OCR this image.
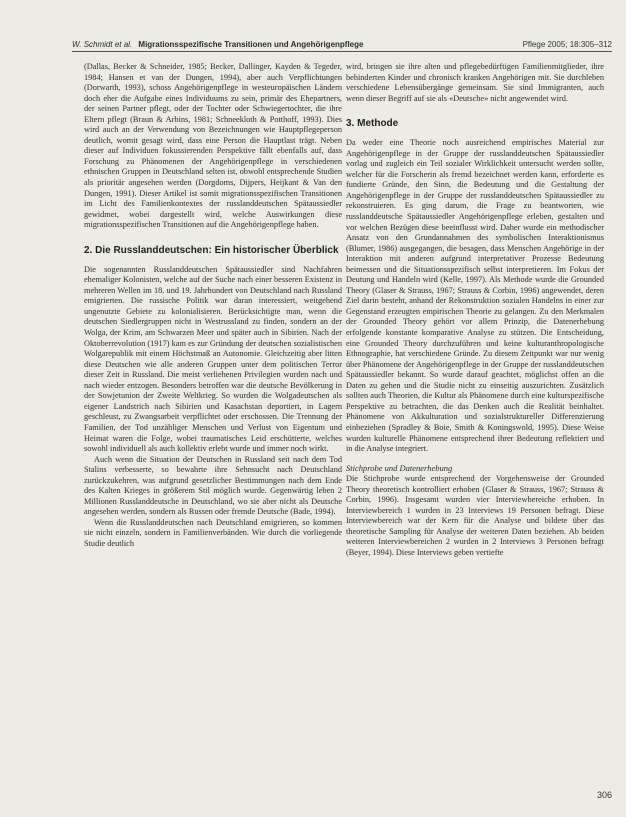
W. Schmidt et al. Migrationsspezifische Transitionen und Angehörigenpflege	Pflege 2005; 18:305–312

(Dallas, Becker & Schneider, 1985; Becker, Dallinger, Kayden & Tegeder, 1984; Hansen et van der Dungen, 1994), aber auch Verpflichtungen (Dorwarth, 1993), schoss Angehörigenpflege in westeuropäischen Ländern doch eher die Aufgabe eines Individuums zu sein, primär des Ehepartners, der seinen Partner pflegt, oder der Tochter oder Schwiegertochter, die ihre Eltern pflegt (Braun & Arbins, 1981; Schneekloth & Potthoff, 1993). Dies wird auch an der Verwendung von Bezeichnungen wie Hauptpflegeperson deutlich, womit gesagt wird, dass eine Person die Hauptlast trägt. Neben dieser auf Individuen fokussierenden Perspektive fällt ebenfalls auf, dass Forschung zu Phänomenen der Angehörigenpflege in verschiedenen ethnischen Gruppen in Deutschland selten ist, obwohl entsprechende Studien als prioritär angesehen werden (Dorgdoms, Dijpers, Heijkant & Van den Dungen, 1991). Dieser Artikel ist somit migrationsspezifischen Transitionen im Licht des Familienkontextes der russlanddeutschen Spätaussiedler gewidmet, wobei dargestellt wird, welche Auswirkungen diese migrationsspezifischen Transitionen auf die Angehörigenpflege haben.

2. Die Russlanddeutschen: Ein historischer Überblick

Die sogenannten Russlanddeutschen Spätaussiedler sind Nachfahren ehemaliger Kolonisten, welche auf der Suche nach einer besseren Existenz in mehreren Wellen im 18. und 19. Jahrhundert von Deutschland nach Russland emigrierten. Die russische Politik war daran interessiert, weitgehend ungenutzte Gebiete zu kolonialisieren. Berücksichtigte man, wenn die deutschen Siedlergruppen nicht in Westrussland zu finden, sondern an der Wolga, der Krim, am Schwarzen Meer und später auch in Sibirien. Nach der Oktoberrevolution (1917) kam es zur Gründung der deutschen sozialistischen Wolgarepublik mit einem Höchstmaß an Autonomie. Gleichzeitig aber litten diese Deutschen wie alle anderen Gruppen unter dem politischen Terror dieser Zeit in Russland. Die meist verliehenen Privilegien wurden nach und nach wieder entzogen. Besonders betroffen war die deutsche Bevölkerung in der Sowjetunion der Zweite Weltkrieg. So wurden die Wolgadeutschen als eigener Landstrich nach Sibirien und Kasachstan deportiert, in Lagern geschleust, zu Zwangsarbeit verpflichtet oder erschossen. Die Trennung der Familien, der Tod unzähliger Menschen und Verlust von Eigentum und Heimat waren die Folge, wobei traumatisches Leid erschütterte, welches sowohl individuell als auch kollektiv erlebt wurde und immer noch wirkt.

Auch wenn die Situation der Deutschen in Russland seit nach dem Tod Stalins verbesserte, so bewahrte ihre Sehnsucht nach Deutschland zurückzukehren, was aufgrund gesetzlicher Bestimmungen nach dem Ende des Kalten Krieges in größerem Stil möglich wurde. Gegenwärtig leben 2 Millionen Russlanddeutsche in Deutschland, wo sie aber nicht als Deutsche angesehen werden, sondern als Russen oder fremde Deutsche (Bade, 1994).

Wenn die Russlanddeutschen nach Deutschland emigrieren, so kommen sie nicht einzeln, sondern in Familienverbänden. Wie durch die vorliegende Studie deutlich

wird, bringen sie ihre alten und pflegebedürftigen Familienmitglieder, ihre behinderten Kinder und chronisch kranken Angehörigen mit. Sie durchleben verschiedene Lebensübergänge gemeinsam. Sie sind Immigranten, auch wenn dieser Begriff auf sie als «Deutsche» nicht angewendet wird.

3. Methode

Da weder eine Theorie noch ausreichend empirisches Material zur Angehörigenpflege in der Gruppe der russlanddeutschen Spätaussiedler vorlag und zugleich ein Teil sozialer Wirklichkeit untersucht werden sollte, welcher für die Forscherin als fremd bezeichnet werden kann, erforderte es fundierte Gründe, den Sinn, die Bedeutung und die Gestaltung der Angehörigenpflege in der Gruppe der russlanddeutschen Spätaussiedler zu rekonstruieren. Es ging darum, die Frage zu beantworten, wie russlanddeutsche Spätaussiedler Angehörigenpflege erleben, gestalten und vor welchen Bezügen diese beeinflusst wird. Daher wurde ein methodischer Ansatz von den Grundannahmen des symbolischen Interaktionismus (Blumer, 1986) ausgegangen, die besagen, dass Menschen Angehörige in der Interaktion mit anderen aufgrund interpretativer Prozesse Bedeutung beimessen und die Situationsspezifisch selbst interpretieren. Im Fokus der Deutung und Handeln wird (Kelle, 1997). Als Methode wurde die Grounded Theory (Glaser & Strauss, 1967; Strauss & Corbin, 1996) angewendet, deren Ziel darin besteht, anhand der Rekonstruktion sozialen Handelns in einer zur Gegenstand erzeugten empirischen Theorie zu gelangen. Zu den Merkmalen der Grounded Theory gehört vor allem Prinzip, die Datenerhebung erfolgende konstante komparative Analyse zu stützen. Die Entscheidung, eine Grounded Theory durchzuführen und keine kulturanthropologische Ethnographie, hat verschiedene Gründe. Zu diesem Zeitpunkt war nur wenig über Phänomene der Angehörigenpflege in der Gruppe der russlanddeutschen Spätaussiedler bekannt. So wurde darauf geachtet, möglichst offen an die Daten zu gehen und die Studie nicht zu einseitig auszurichten. Zusätzlich sollten auch Theorien, die Kultur als Phänomene durch eine kulturspezifische Perspektive zu betrachten, die das Denken auch die Realität beinhaltet. Phänomene von Akkulturation und sozialstruktureller Differenzierung einbeziehen (Spradley & Boie, Smith & Koningswold, 1995). Diese Weise wurden kulturelle Phänomene entsprechend ihrer Bedeutung reflektiert und in die Analyse integriert.

Stichprobe und Datenerhebung

Die Stichprobe wurde entsprechend der Vorgehensweise der Grounded Theory theoretisch kontrolliert erhoben (Glaser & Strauss, 1967; Strauss & Corbin, 1996). Insgesamt wurden vier Interviewbereiche erhoben. In Interviewbereich 1 wurden in 23 Interviews 19 Personen befragt. Diese Interviewbereich war der Kern für die Analyse und bildete über das theoretische Sampling für Analyse der weiteren Daten beziehen. Ab beiden weiteren Interviewbereichen 2 wurden in 2 Interviews 3 Personen befragt (Beyer, 1994). Diese Interviews geben vertiefte

306
